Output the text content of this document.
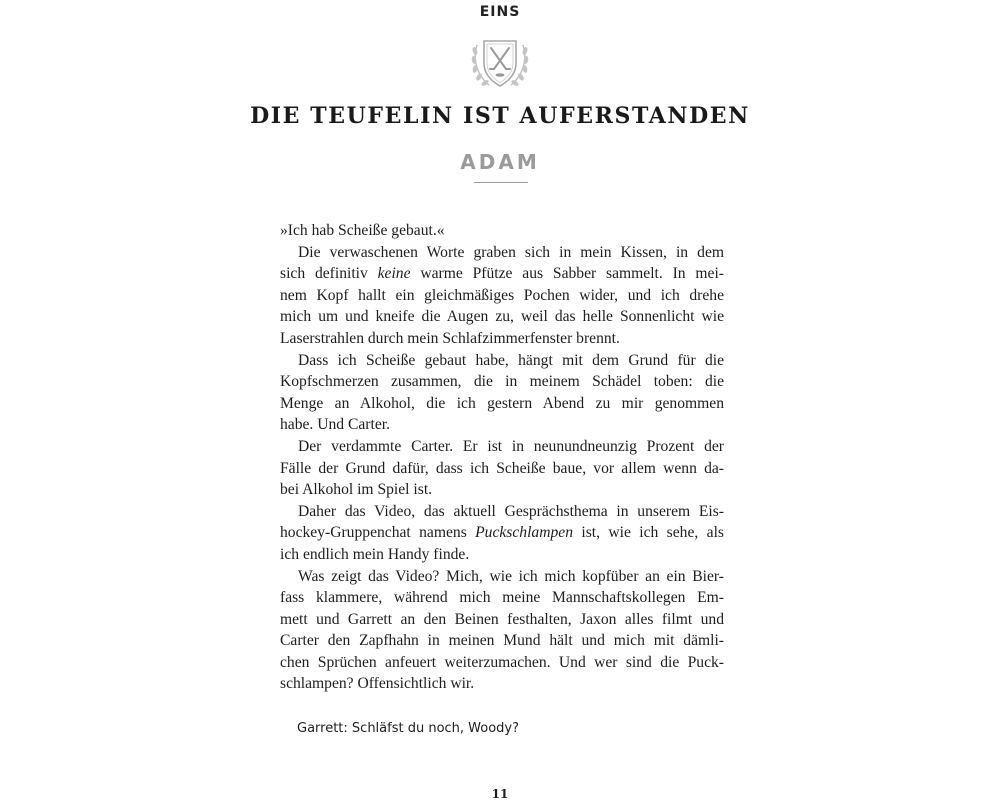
EINS
DIE TEUFELIN IST AUFERSTANDEN
ADAM
»Ich hab Scheiße gebaut.«
Die verwaschenen Worte graben sich in mein Kissen, in dem
sich definitiv keine warme Pfütze aus Sabber sammelt. In mei-
nem Kopf hallt ein gleichmäßiges Pochen wider, und ich drehe
mich um und kneife die Augen zu, weil das helle Sonnenlicht wie
Laserstrahlen durch mein Schlafzimmerfenster brennt.
Dass ich Scheiße gebaut habe, hängt mit dem Grund für die
Kopfschmerzen zusammen, die in meinem Schädel toben: die
Menge an Alkohol, die ich gestern Abend zu mir genommen
habe. Und Carter.
Der verdammte Carter. Er ist in neunundneunzig Prozent der
Fälle der Grund dafür, dass ich Scheiße baue, vor allem wenn da-
bei Alkohol im Spiel ist.
Daher das Video, das aktuell Gesprächsthema in unserem Eis-
hockey-Gruppenchat namens Puckschlampen ist, wie ich sehe, als
ich endlich mein Handy finde.
Was zeigt das Video? Mich, wie ich mich kopfüber an ein Bier-
fass klammere, während mich meine Mannschaftskollegen Em-
mett und Garrett an den Beinen festhalten, Jaxon alles filmt und
Carter den Zapfhahn in meinen Mund hält und mich mit dämli-
chen Sprüchen anfeuert weiterzumachen. Und wer sind die Puck-
schlampen? Offensichtlich wir.
Garrett: Schläfst du noch, Woody?
11
